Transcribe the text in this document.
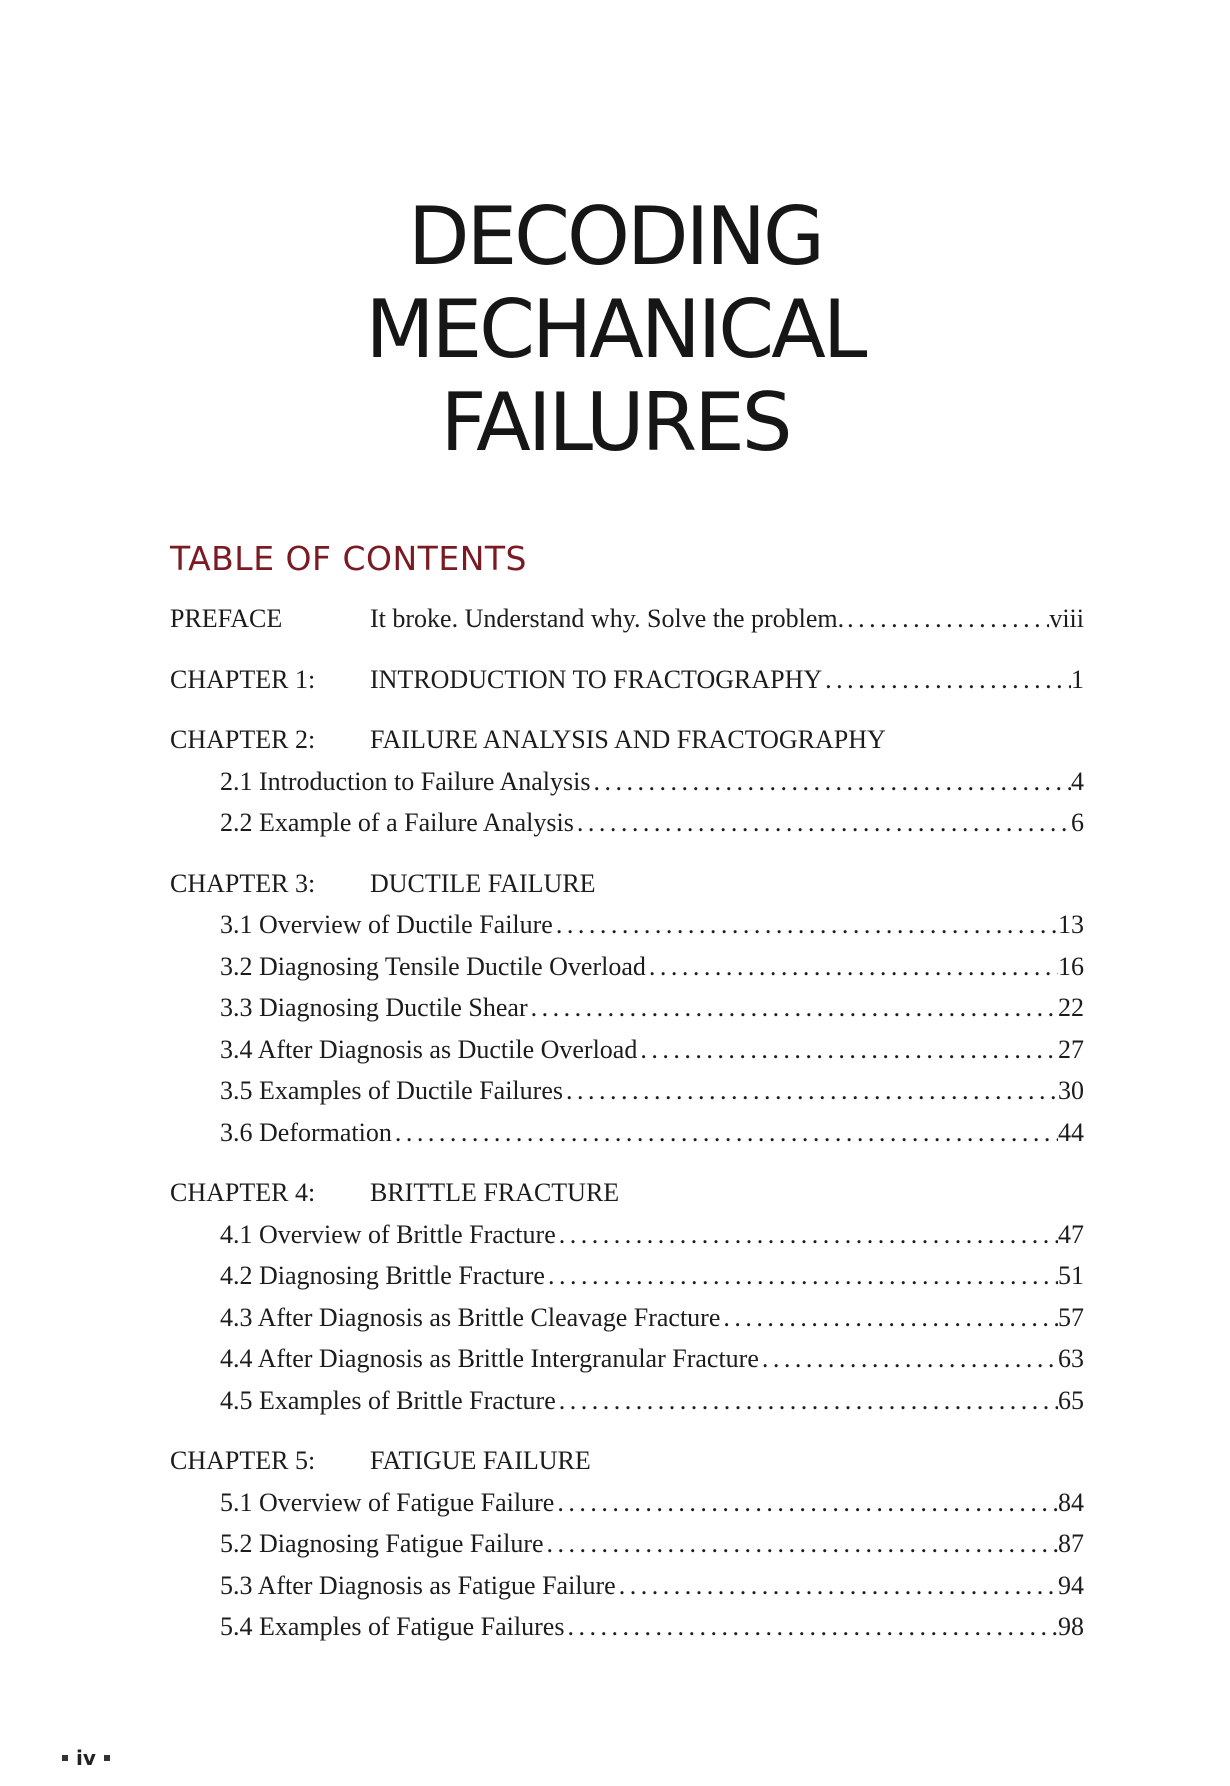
DECODING
MECHANICAL
FAILURES
TABLE OF CONTENTS
PREFACE	It broke. Understand why. Solve the problem. . . .	viii
CHAPTER 1:	INTRODUCTION TO FRACTOGRAPHY . . .	1
CHAPTER 2:	FAILURE ANALYSIS AND FRACTOGRAPHY
2.1 Introduction to Failure Analysis . . .	4
2.2 Example of a Failure Analysis . . .	6
CHAPTER 3:	DUCTILE FAILURE
3.1 Overview of Ductile Failure . . .	13
3.2 Diagnosing Tensile Ductile Overload . . .	16
3.3 Diagnosing Ductile Shear . . .	22
3.4 After Diagnosis as Ductile Overload . . .	27
3.5 Examples of Ductile Failures . . .	30
3.6 Deformation . . .	44
CHAPTER 4:	BRITTLE FRACTURE
4.1 Overview of Brittle Fracture . . .	47
4.2 Diagnosing Brittle Fracture . . .	51
4.3 After Diagnosis as Brittle Cleavage Fracture . . .	57
4.4 After Diagnosis as Brittle Intergranular Fracture . . .	63
4.5 Examples of Brittle Fracture . . .	65
CHAPTER 5:	FATIGUE FAILURE
5.1 Overview of Fatigue Failure . . .	84
5.2 Diagnosing Fatigue Failure . . .	87
5.3 After Diagnosis as Fatigue Failure . . .	94
5.4 Examples of Fatigue Failures . . .	98
iv
